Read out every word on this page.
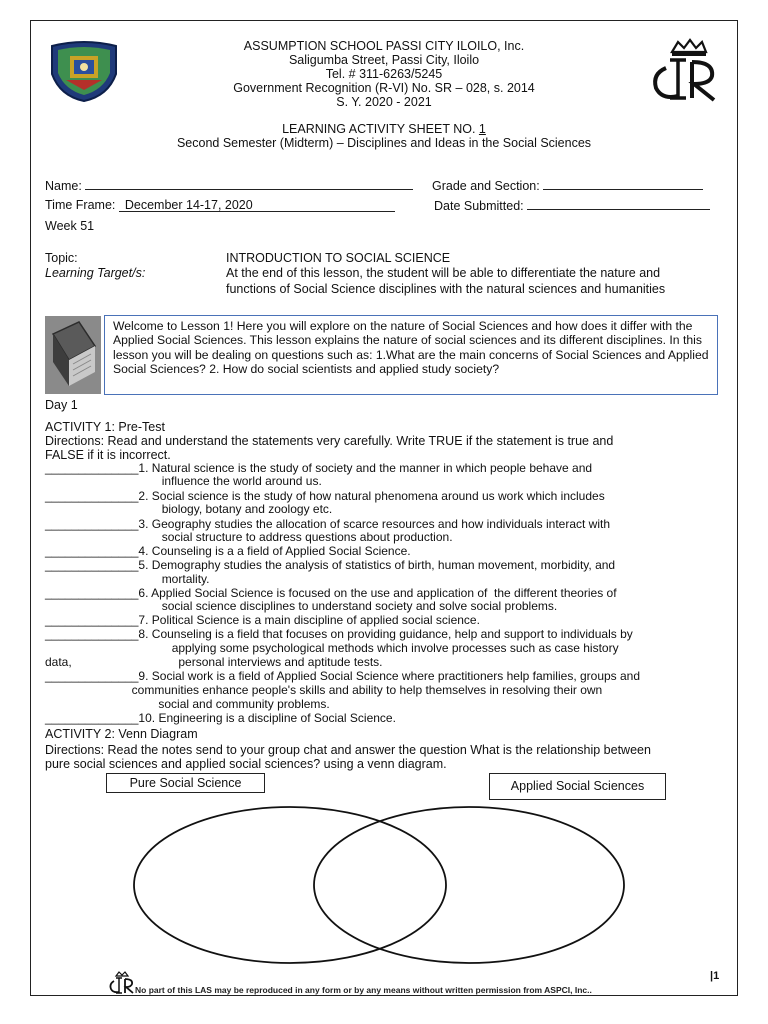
ASSUMPTION SCHOOL PASSI CITY ILOILO, Inc.
Saligumba Street, Passi City, Iloilo
Tel. # 311-6263/5245
Government Recognition (R-VI) No. SR – 028, s. 2014
S. Y. 2020 - 2021
LEARNING ACTIVITY SHEET NO. 1
Second Semester (Midterm) – Disciplines and Ideas in the Social Sciences
Name:	Grade and Section:
Time Frame: December 14-17, 2020	Date Submitted:
Week 51
Topic:	INTRODUCTION TO SOCIAL SCIENCE
Learning Target/s:	At the end of this lesson, the student will be able to differentiate the nature and
functions of Social Science disciplines with the natural sciences and humanities
Welcome to Lesson 1! Here you will explore on the nature of Social Sciences and how does it differ with the Applied Social Sciences. This lesson explains the nature of social sciences and its different disciplines. In this lesson you will be dealing on questions such as: 1.What are the main concerns of Social Sciences and Applied Social Sciences? 2. How do social scientists and applied study society?
Day 1
ACTIVITY 1: Pre-Test
Directions: Read and understand the statements very carefully. Write TRUE if the statement is true and
FALSE if it is incorrect.
______________1. Natural science is the study of society and the manner in which people behave and
influence the world around us.
______________2. Social science is the study of how natural phenomena around us work which includes
biology, botany and zoology etc.
______________3. Geography studies the allocation of scarce resources and how individuals interact with
social structure to address questions about production.
______________4. Counseling is a a field of Applied Social Science.
______________5. Demography studies the analysis of statistics of birth, human movement, morbidity, and
mortality.
______________6. Applied Social Science is focused on the use and application of  the different theories of
social science disciplines to understand society and solve social problems.
______________7. Political Science is a main discipline of applied social science.
______________8. Counseling is a field that focuses on providing guidance, help and support to individuals by
applying some psychological methods which involve processes such as case history
data,                                personal interviews and aptitude tests.
______________9. Social work is a field of Applied Social Science where practitioners help families, groups and
communities enhance people's skills and ability to help themselves in resolving their own
social and community problems.
______________10. Engineering is a discipline of Social Science.
ACTIVITY 2: Venn Diagram
Directions: Read the notes send to your group chat and answer the question What is the relationship between
pure social sciences and applied social sciences? using a venn diagram.
Pure Social Science	Applied Social Sciences
No part of this LAS may be reproduced in any form or by any means without written permission from ASPCI, Inc..
|1
